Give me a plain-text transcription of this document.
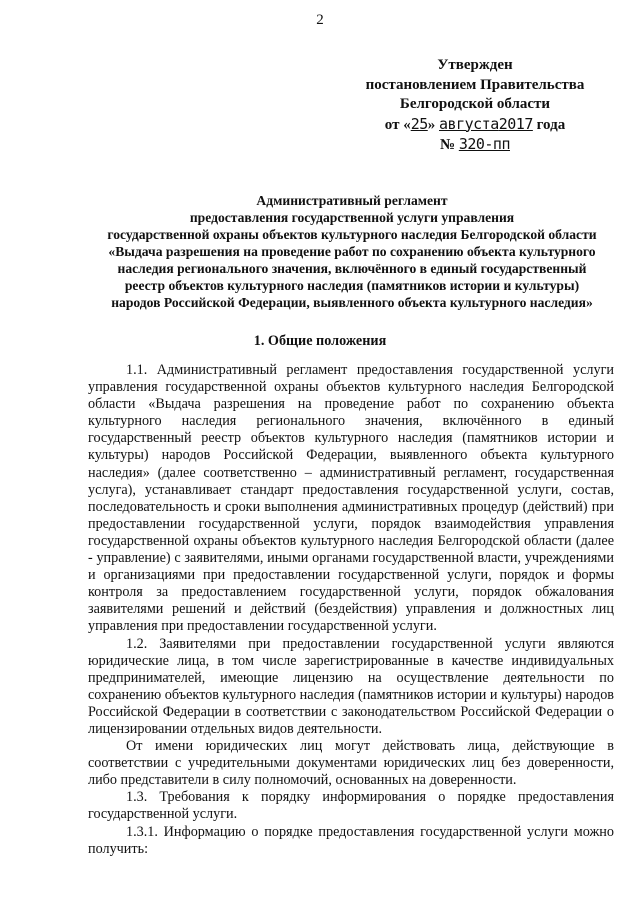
2
Утвержден
постановлением Правительства
Белгородской области
от «25» августа2017 года
№ 320-пп
Административный регламент
предоставления государственной услуги управления
государственной охраны объектов культурного наследия Белгородской области
«Выдача разрешения на проведение работ по сохранению объекта культурного
наследия регионального значения, включённого в единый государственный
реестр объектов культурного наследия (памятников истории и культуры)
народов Российской Федерации, выявленного объекта культурного наследия»
1. Общие положения

1.1. Административный регламент предоставления государственной услуги управления государственной охраны объектов культурного наследия Белгородской области «Выдача разрешения на проведение работ по сохранению объекта культурного наследия регионального значения, включённого в единый государственный реестр объектов культурного наследия (памятников истории и культуры) народов Российской Федерации, выявленного объекта культурного наследия» (далее соответственно – административный регламент, государственная услуга), устанавливает стандарт предоставления государственной услуги, состав, последовательность и сроки выполнения административных процедур (действий) при предоставлении государственной услуги, порядок взаимодействия управления государственной охраны объектов культурного наследия Белгородской области (далее - управление) с заявителями, иными органами государственной власти, учреждениями и организациями при предоставлении государственной услуги, порядок и формы контроля за предоставлением государственной услуги, порядок обжалования заявителями решений и действий (бездействия) управления и должностных лиц управления при предоставлении государственной услуги.

1.2. Заявителями при предоставлении государственной услуги являются юридические лица, в том числе зарегистрированные в качестве индивидуальных предпринимателей, имеющие лицензию на осуществление деятельности по сохранению объектов культурного наследия (памятников истории и культуры) народов Российской Федерации в соответствии с законодательством Российской Федерации о лицензировании отдельных видов деятельности.

От имени юридических лиц могут действовать лица, действующие в соответствии с учредительными документами юридических лиц без доверенности, либо представители в силу полномочий, основанных на доверенности.

1.3. Требования к порядку информирования о порядке предоставления государственной услуги.

1.3.1. Информацию о порядке предоставления государственной услуги можно получить:
